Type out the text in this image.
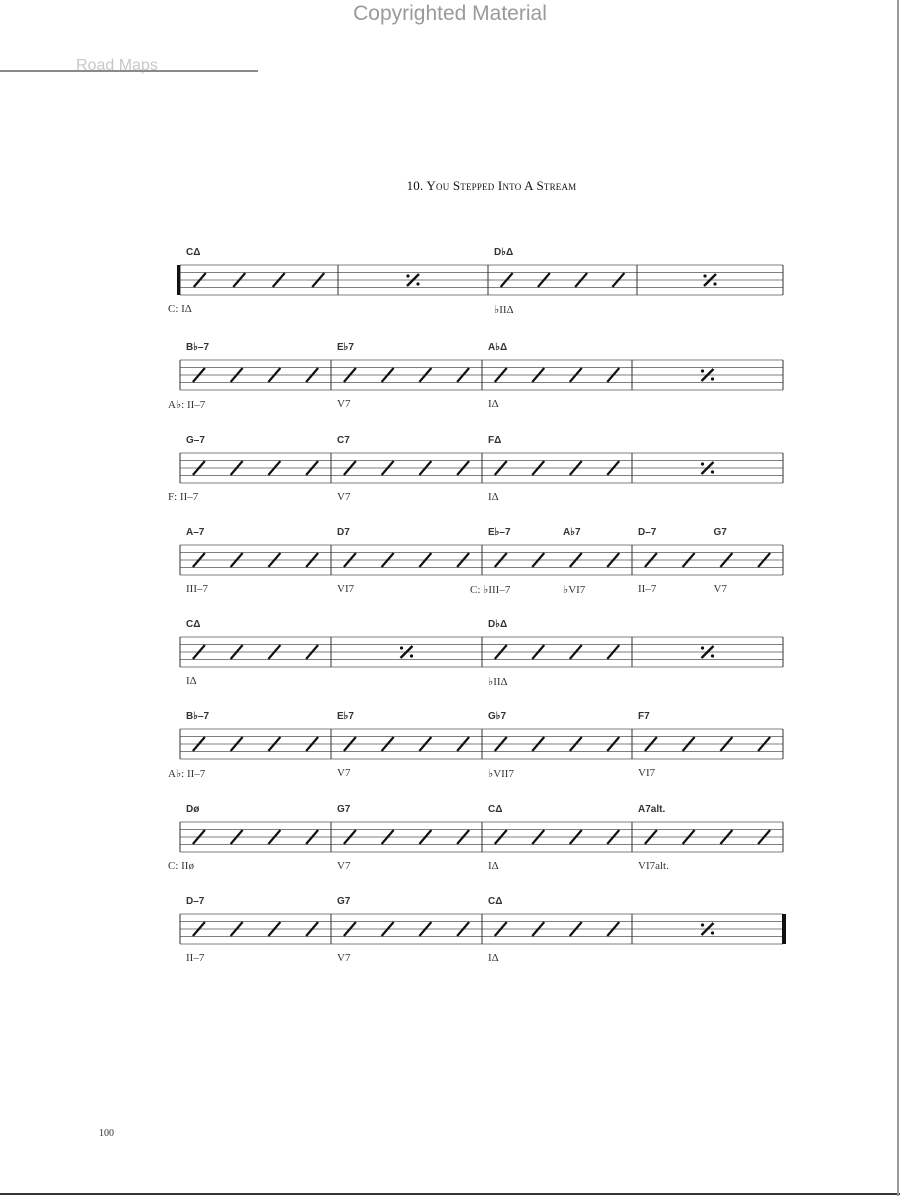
Copyrighted Material
Road Maps
10. You Stepped Into A Stream
CΔ	D♭Δ
C: IΔ	♭IIΔ
B♭–7	E♭7	A♭Δ
A♭: II–7	V7	IΔ
G–7	C7	FΔ
F: II–7	V7	IΔ
A–7	D7	E♭–7	A♭7	D–7	G7
III–7	VI7	C: ♭III–7	♭VI7	II–7	V7
CΔ	D♭Δ
IΔ	♭IIΔ
B♭–7	E♭7	G♭7	F7
A♭: II–7	V7	♭VII7	VI7
Dø	G7	CΔ	A7alt.
C: IIø	V7	IΔ	VI7alt.
D–7	G7	CΔ
II–7	V7	IΔ
100
